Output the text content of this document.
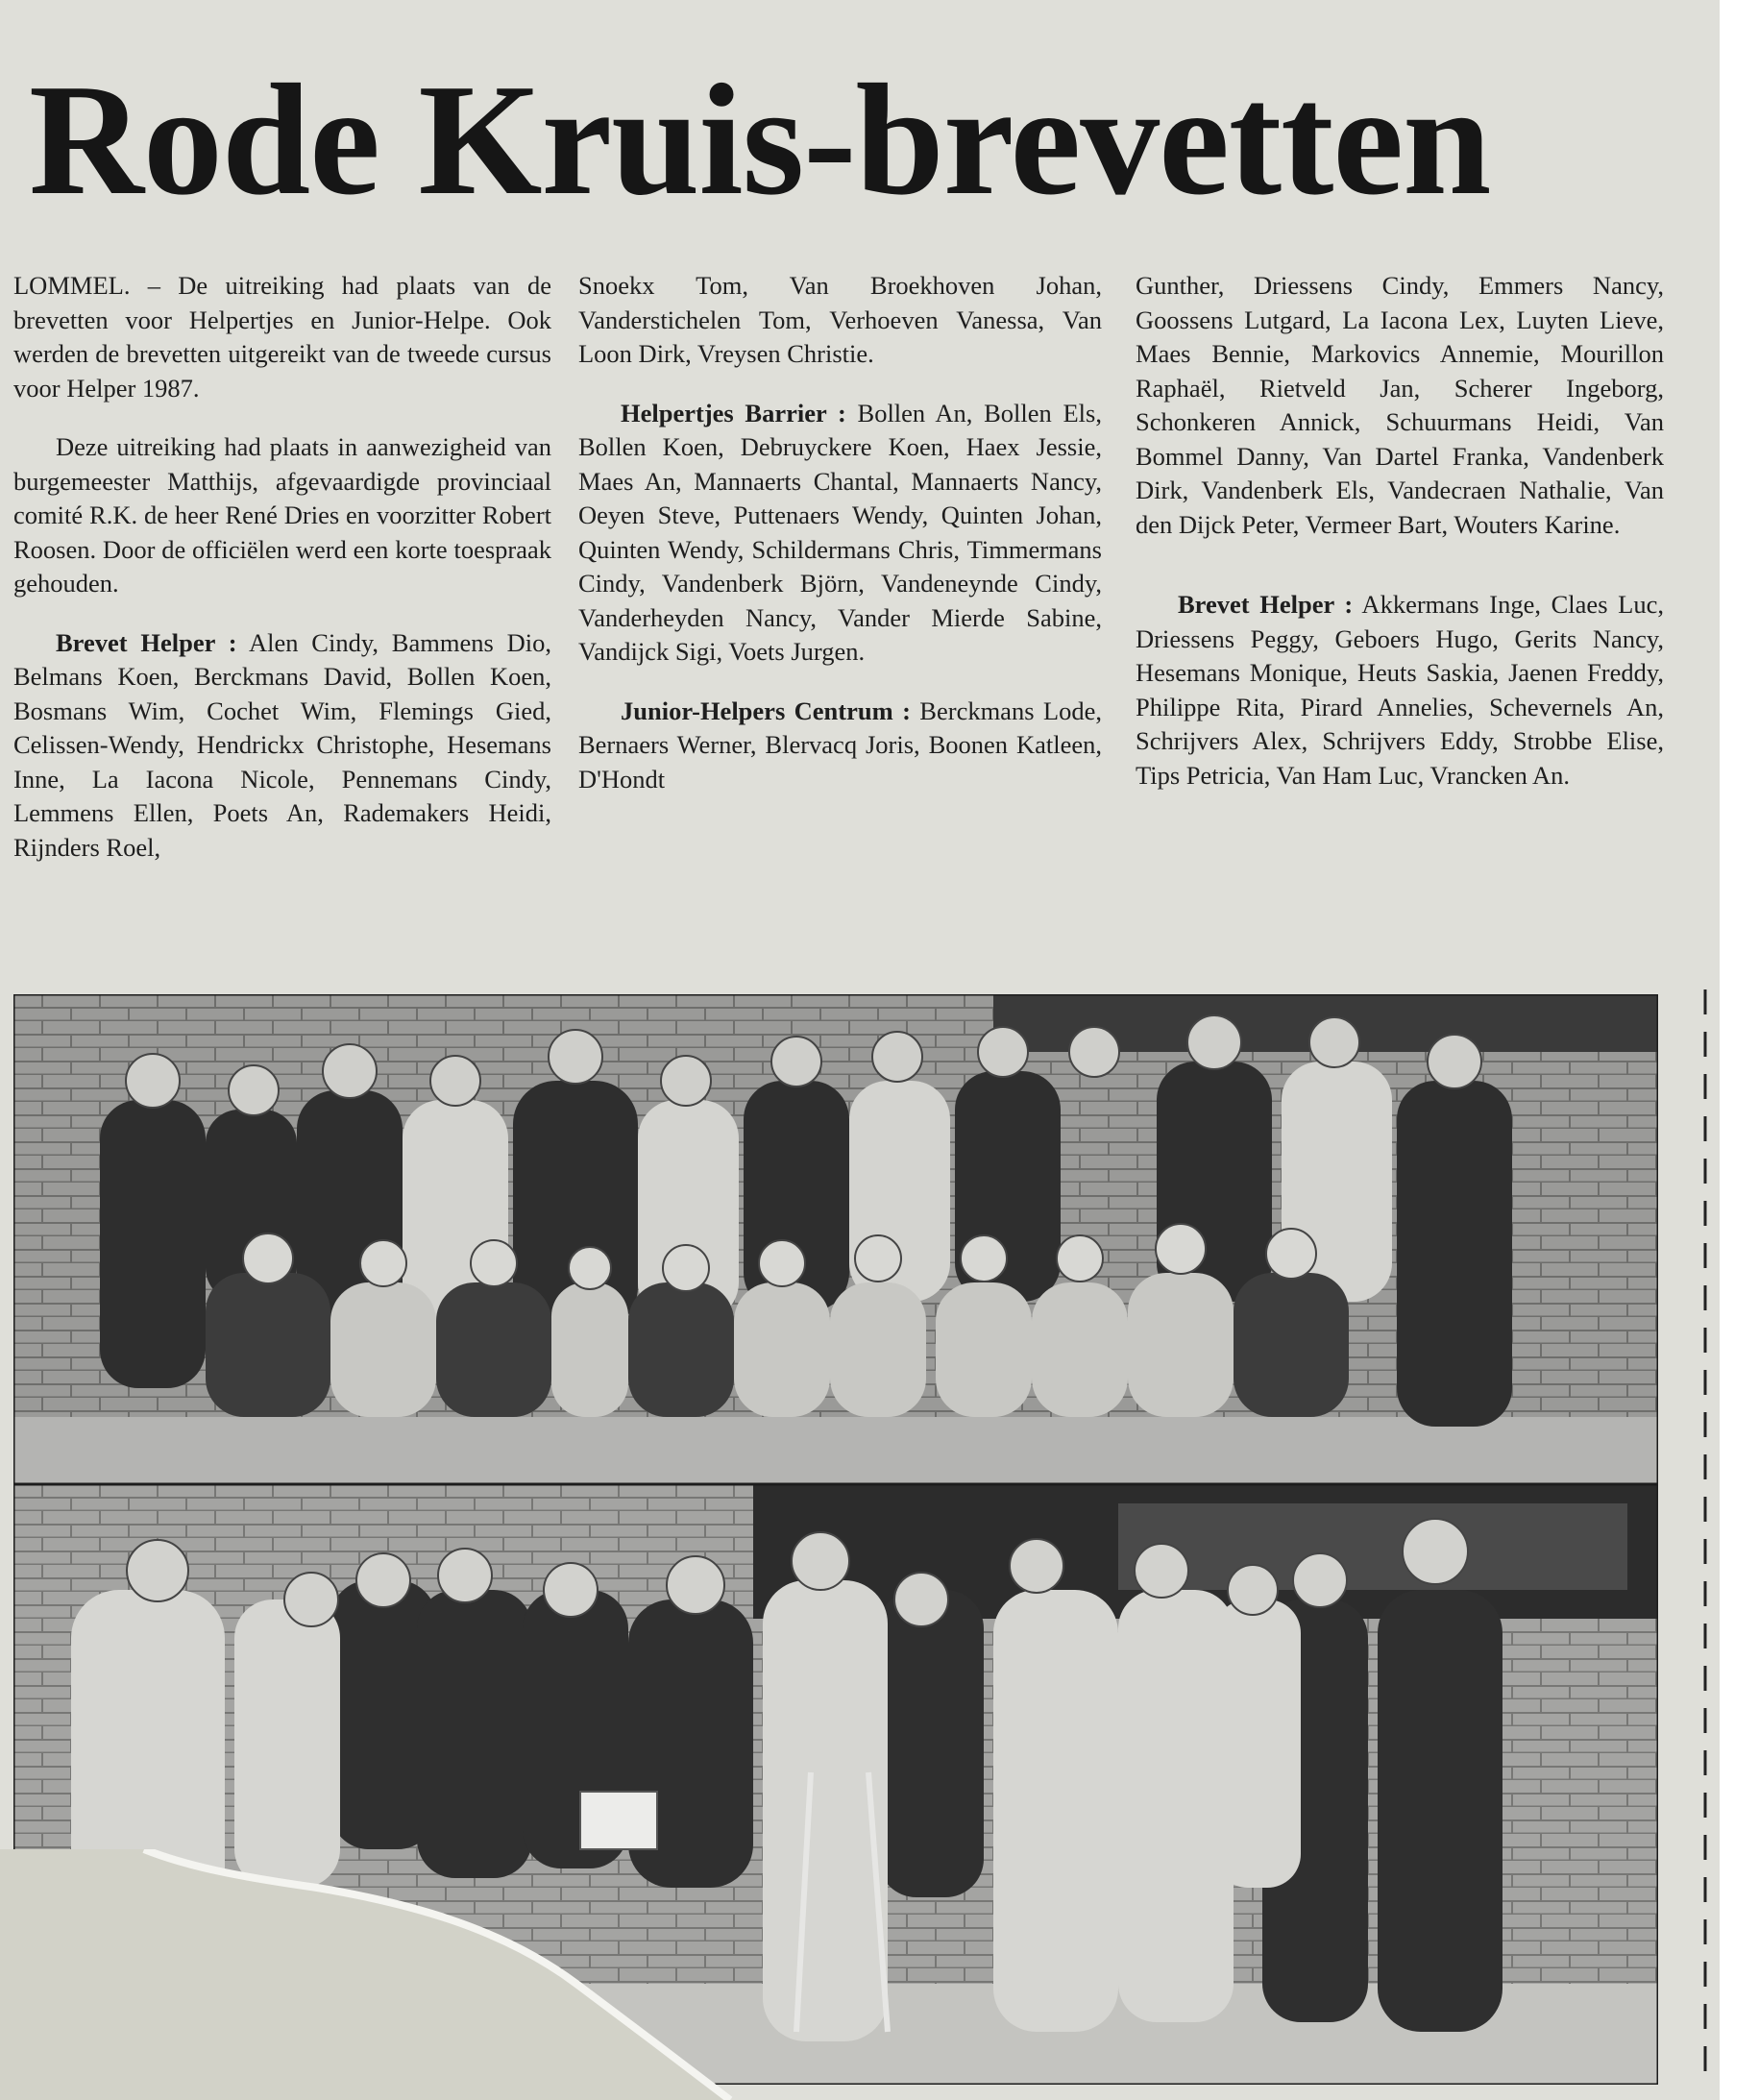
Rode Kruis-brevetten

LOMMEL. – De uitreiking had plaats van de brevetten voor Helpertjes en Junior-Helpe. Ook werden de brevetten uitgereikt van de tweede cursus voor Helper 1987.

Deze uitreiking had plaats in aanwezigheid van burgemeester Matthijs, afgevaardigde provinciaal comité R.K. de heer René Dries en voorzitter Robert Roosen. Door de officiëlen werd een korte toespraak gehouden.

Brevet Helper : Alen Cindy, Bammens Dio, Belmans Koen, Berckmans David, Bollen Koen, Bosmans Wim, Cochet Wim, Flemings Gied, Celissen-Wendy, Hendrickx Christophe, Hesemans Inne, La Iacona Nicole, Pennemans Cindy, Lemmens Ellen, Poets An, Rademakers Heidi, Rijnders Roel,

Snoekx Tom, Van Broekhoven Johan, Vanderstichelen Tom, Verhoeven Vanessa, Van Loon Dirk, Vreysen Christie.

Helpertjes Barrier : Bollen An, Bollen Els, Bollen Koen, Debruyckere Koen, Haex Jessie, Maes An, Mannaerts Chantal, Mannaerts Nancy, Oeyen Steve, Puttenaers Wendy, Quinten Johan, Quinten Wendy, Schildermans Chris, Timmermans Cindy, Vandenberk Björn, Vandeneynde Cindy, Vanderheyden Nancy, Vander Mierde Sabine, Vandijck Sigi, Voets Jurgen.

Junior-Helpers Centrum : Berckmans Lode, Bernaers Werner, Blervacq Joris, Boonen Katleen, D'Hondt

Gunther, Driessens Cindy, Emmers Nancy, Goossens Lutgard, La Iacona Lex, Luyten Lieve, Maes Bennie, Markovics Annemie, Mourillon Raphaël, Rietveld Jan, Scherer Ingeborg, Schonkeren Annick, Schuurmans Heidi, Van Bommel Danny, Van Dartel Franka, Vandenberk Dirk, Vandenberk Els, Vandecraen Nathalie, Van den Dijck Peter, Vermeer Bart, Wouters Karine.

Brevet Helper : Akkermans Inge, Claes Luc, Driessens Peggy, Geboers Hugo, Gerits Nancy, Hesemans Monique, Heuts Saskia, Jaenen Freddy, Philippe Rita, Pirard Annelies, Schevernels An, Schrijvers Alex, Schrijvers Eddy, Strobbe Elise, Tips Petricia, Van Ham Luc, Vrancken An.
